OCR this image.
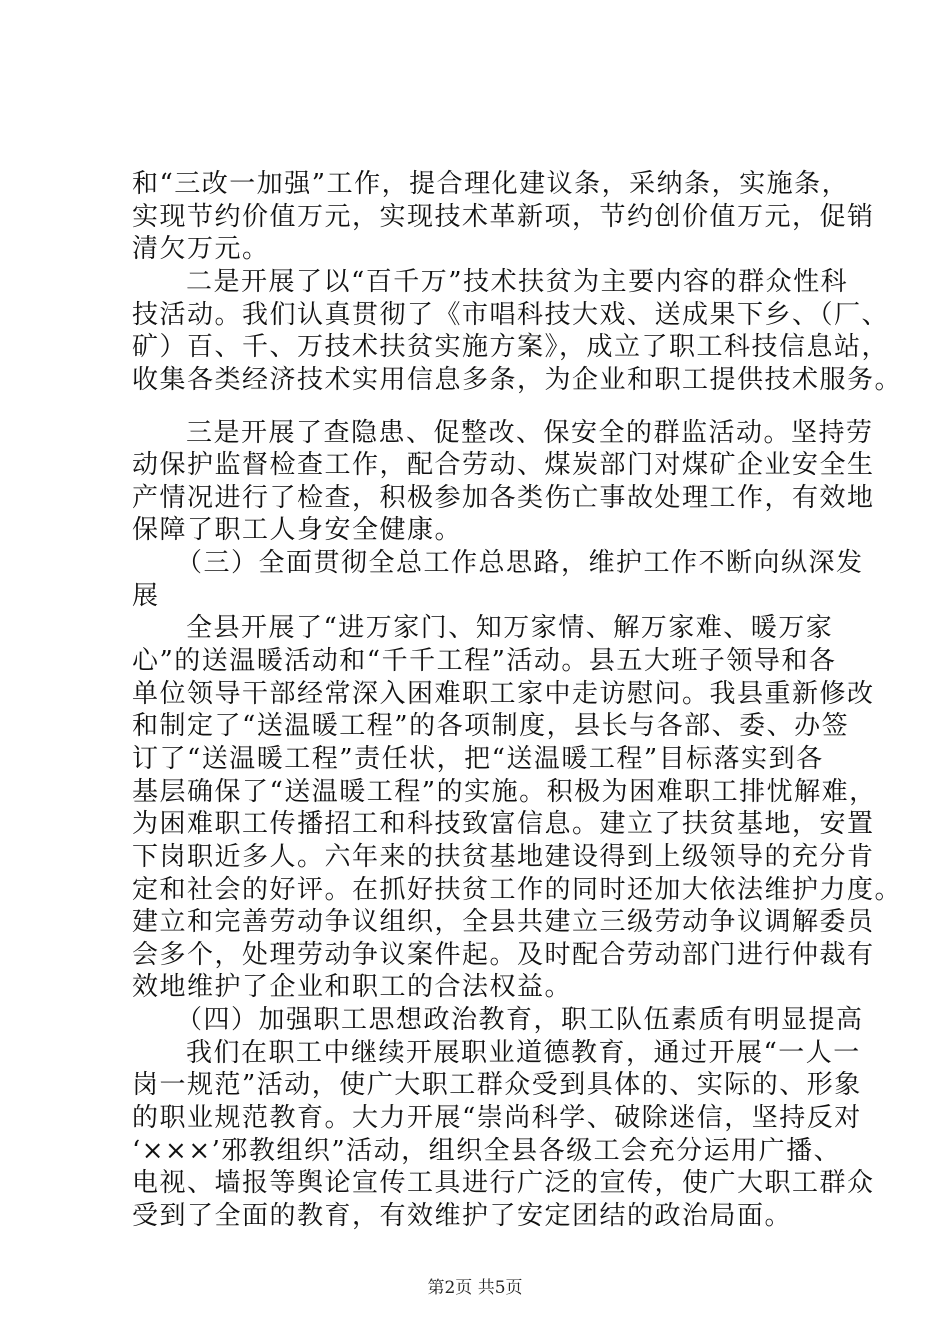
和“三改一加强”工作，提合理化建议条，采纳条，实施条，
实现节约价值万元，实现技术革新项，节约创价值万元，促销
清欠万元。
二是开展了以“百千万”技术扶贫为主要内容的群众性科
技活动。我们认真贯彻了《市唱科技大戏、送成果下乡、（厂、
矿）百、千、万技术扶贫实施方案》，成立了职工科技信息站，
收集各类经济技术实用信息多条，为企业和职工提供技术服务。
三是开展了查隐患、促整改、保安全的群监活动。坚持劳
动保护监督检查工作，配合劳动、煤炭部门对煤矿企业安全生
产情况进行了检查，积极参加各类伤亡事故处理工作，有效地
保障了职工人身安全健康。
（三）全面贯彻全总工作总思路，维护工作不断向纵深发
展
全县开展了“进万家门、知万家情、解万家难、暖万家
心”的送温暖活动和“千千工程”活动。县五大班子领导和各
单位领导干部经常深入困难职工家中走访慰问。我县重新修改
和制定了“送温暖工程”的各项制度，县长与各部、委、办签
订了“送温暖工程”责任状，把“送温暖工程”目标落实到各
基层确保了“送温暖工程”的实施。积极为困难职工排忧解难，
为困难职工传播招工和科技致富信息。建立了扶贫基地，安置
下岗职近多人。六年来的扶贫基地建设得到上级领导的充分肯
定和社会的好评。在抓好扶贫工作的同时还加大依法维护力度。
建立和完善劳动争议组织，全县共建立三级劳动争议调解委员
会多个，处理劳动争议案件起。及时配合劳动部门进行仲裁有
效地维护了企业和职工的合法权益。
（四）加强职工思想政治教育，职工队伍素质有明显提高
我们在职工中继续开展职业道德教育，通过开展“一人一
岗一规范”活动，使广大职工群众受到具体的、实际的、形象
的职业规范教育。大力开展“崇尚科学、破除迷信，坚持反对
‘×××’邪教组织”活动，组织全县各级工会充分运用广播、
电视、墙报等舆论宣传工具进行广泛的宣传，使广大职工群众
受到了全面的教育，有效维护了安定团结的政治局面。
第2页 共5页
